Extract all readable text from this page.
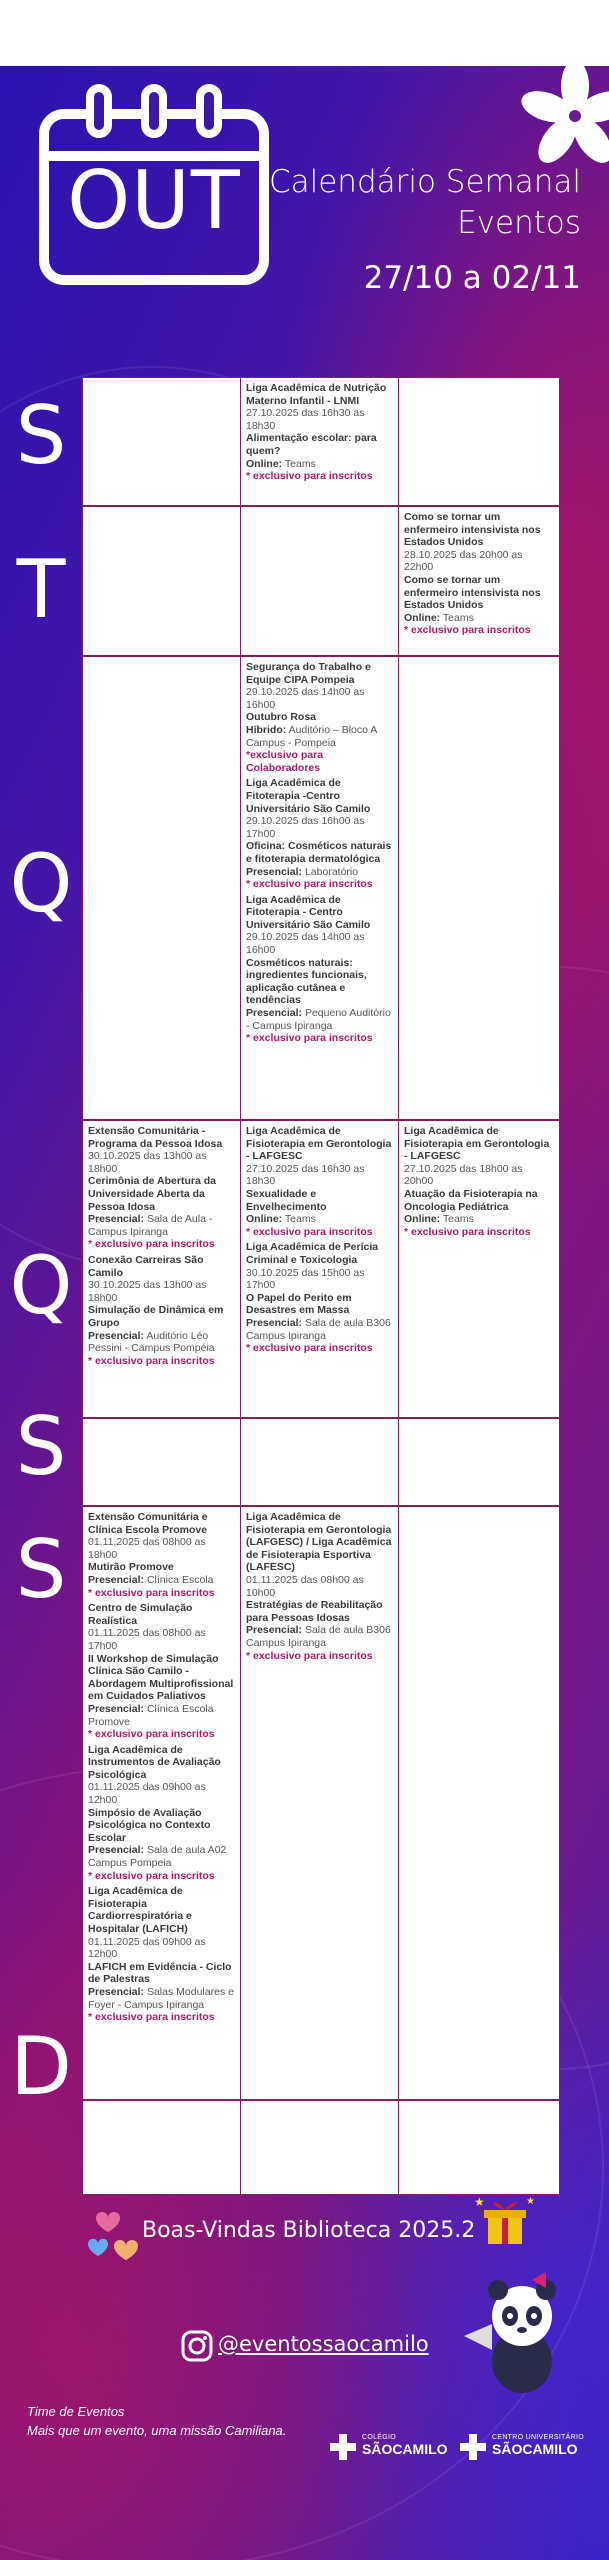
OUT Calendário Semanal
Eventos
27/10 a 02/11
S
T
Q
Q
S
S
D
Liga Acadêmica de Nutrição Materno Infantil - LNMI
27.10.2025 das 16h30 as 18h30
Alimentação escolar: para quem?
Online: Teams
* exclusivo para inscritos
Como se tornar um enfermeiro intensivista nos Estados Unidos
28.10.2025 das 20h00 as 22h00
Como se tornar um enfermeiro intensivista nos Estados Unidos
Online: Teams
* exclusivo para inscritos
Segurança do Trabalho e Equipe CIPA Pompeia
29.10.2025 das 14h00 as 16h00
Outubro Rosa
Híbrido: Auditório – Bloco A Campus - Pompeia
*exclusivo para Colaboradores
Liga Acadêmica de Fitoterapia -Centro Universitário São Camilo
29.10.2025 das 16h00 as 17h00
Oficina: Cosméticos naturais e fitoterapia dermatológica
Presencial: Laboratório
* exclusivo para inscritos
Liga Acadêmica de Fitoterapia - Centro Universitário São Camilo
29.10.2025 das 14h00 as 16h00
Cosméticos naturais: ingredientes funcionais, aplicação cutânea e tendências
Presencial: Pequeno Auditório - Campus Ipiranga
* exclusivo para inscritos
Extensão Comunitária - Programa da Pessoa Idosa
30.10.2025 das 13h00 as 18h00
Cerimônia de Abertura da Universidade Aberta da Pessoa Idosa
Presencial: Sala de Aula - Campus Ipiranga
* exclusivo para inscritos
Conexão Carreiras São Camilo
30.10.2025 das 13h00 as 18h00
Simulação de Dinâmica em Grupo
Presencial: Auditório Léo Pessini - Campus Pompéia
* exclusivo para inscritos
Liga Acadêmica de Fisioterapia em Gerontologia - LAFGESC
27.10.2025 das 16h30 as 18h30
Sexualidade e Envelhecimento
Online: Teams
* exclusivo para inscritos
Liga Acadêmica de Perícia Criminal e Toxicologia
30.10.2025 das 15h00 as 17h00
O Papel do Perito em Desastres em Massa
Presencial: Sala de aula B306 Campus Ipiranga
* exclusivo para inscritos
Liga Acadêmica de Fisioterapia em Gerontologia - LAFGESC
27.10.2025 das 18h00 as 20h00
Atuação da Fisioterapia na Oncologia Pediátrica
Online: Teams
* exclusivo para inscritos
Extensão Comunitária e Clínica Escola Promove
01.11.2025 das 08h00 as 18h00
Mutirão Promove
Presencial: Clínica Escola
* exclusivo para inscritos
Centro de Simulação Realística
01.11.2025 das 08h00 as 17h00
II Workshop de Simulação Clínica São Camilo - Abordagem Multiprofissional em Cuidados Paliativos
Presencial: Clínica Escola Promove
* exclusivo para inscritos
Liga Acadêmica de Instrumentos de Avaliação Psicológica
01.11.2025 das 09h00 as 12h00
Simpósio de Avaliação Psicológica no Contexto Escolar
Presencial: Sala de aula A02 Campus Pompeia
* exclusivo para inscritos
Liga Acadêmica de Fisioterapia Cardiorrespiratória e Hospitalar (LAFICH)
01.11.2025 das 09h00 as 12h00
LAFICH em Evidência - Ciclo de Palestras
Presencial: Salas Modulares e Foyer - Campus Ipiranga
* exclusivo para inscritos
Liga Acadêmica de Fisioterapia em Gerontologia (LAFGESC) / Liga Acadêmica de Fisioterapia Esportiva (LAFESC)
01.11.2025 das 08h00 as 10h00
Estratégias de Reabilitação para Pessoas Idosas
Presencial: Sala de aula B306 Campus Ipiranga
* exclusivo para inscritos
Boas-Vindas Biblioteca 2025.2
★	★
@eventossaocamilo
Time de Eventos
Mais que um evento, uma missão Camiliana.	COLÉGIO
SÃOCAMILO
CENTRO UNIVERSITÁRIO
SÃOCAMILO
